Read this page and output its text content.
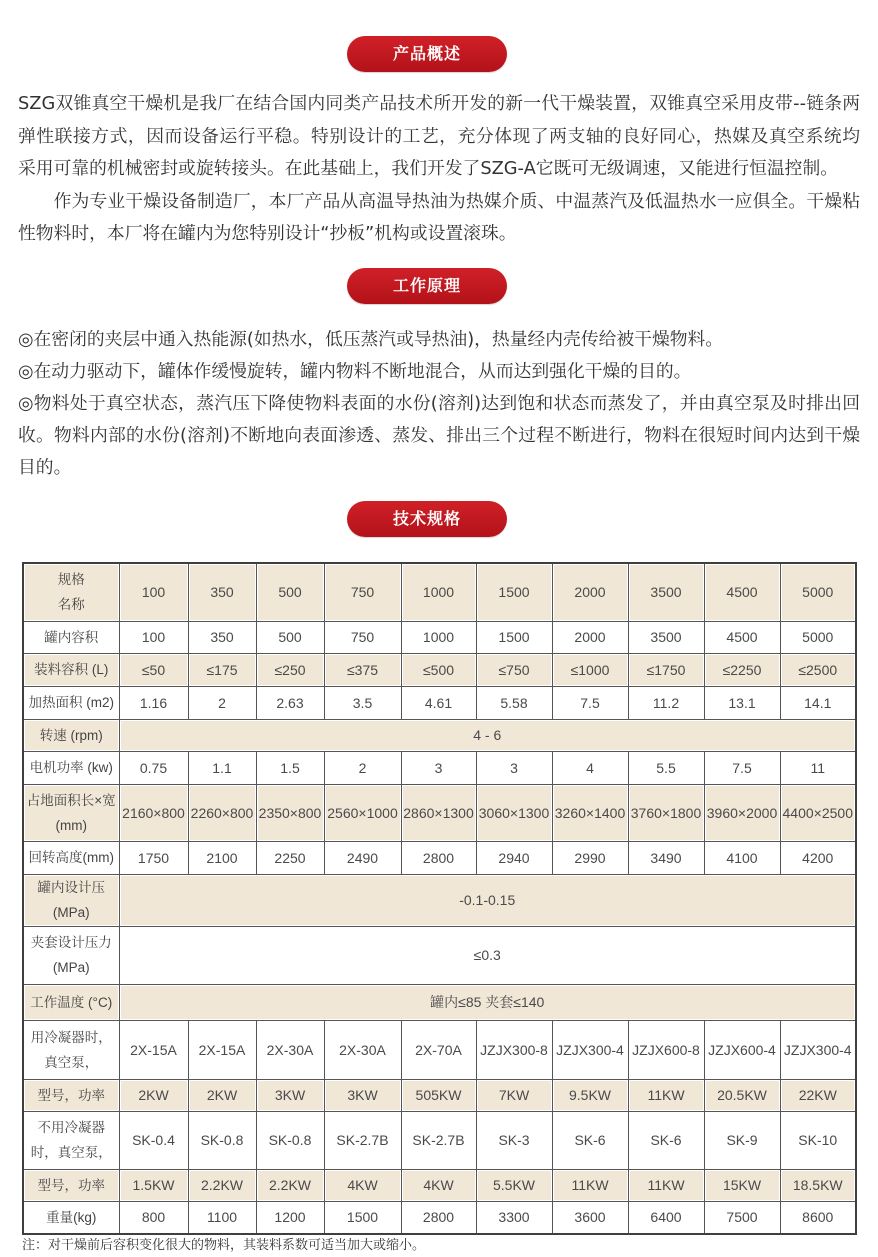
产品概述
SZG双锥真空干燥机是我厂在结合国内同类产品技术所开发的新一代干燥装置，双锥真空采用皮带--链条两
弹性联接方式，因而设备运行平稳。特别设计的工艺，充分体现了两支轴的良好同心，热媒及真空系统均
采用可靠的机械密封或旋转接头。在此基础上，我们开发了SZG-A它既可无级调速，又能进行恒温控制。
作为专业干燥设备制造厂，本厂产品从高温导热油为热媒介质、中温蒸汽及低温热水一应俱全。干燥粘
性物料时，本厂将在罐内为您特别设计“抄板”机构或设置滚珠。
工作原理
◎在密闭的夹层中通入热能源(如热水，低压蒸汽或导热油)，热量经内壳传给被干燥物料。
◎在动力驱动下，罐体作缓慢旋转，罐内物料不断地混合，从而达到强化干燥的目的。
◎物料处于真空状态，蒸汽压下降使物料表面的水份(溶剂)达到饱和状态而蒸发了，并由真空泵及时排出回
收。物料内部的水份(溶剂)不断地向表面渗透、蒸发、排出三个过程不断进行，物料在很短时间内达到干燥
目的。
技术规格
规格
名称	100	350	500	750	1000	1500	2000	3500	4500	5000

罐内容积	100	350	500	750	1000	1500	2000	3500	4500	5000

装料容积 (L)	≤50	≤175	≤250	≤375	≤500	≤750	≤1000	≤1750	≤2250	≤2500

加热面积 (m2)	1.16	2	2.63	3.5	4.61	5.58	7.5	11.2	13.1	14.1

转速 (rpm)	4 - 6									

电机功率 (kw)	0.75	1.1	1.5	2	3	3	4	5.5	7.5	11

占地面积长×宽
(mm)	2160×800	2260×800	2350×800	2560×1000	2860×1300	3060×1300	3260×1400	3760×1800	3960×2000	4400×2500

回转高度(mm)	1750	2100	2250	2490	2800	2940	2990	3490	4100	4200

罐内设计压
(MPa)	-0.1-0.15									

夹套设计压力
(MPa)	≤0.3									

工作温度 (°C)	罐内≤85 夹套≤140									

用冷凝器时，
真空泵，	2X-15A	2X-15A	2X-30A	2X-30A	2X-70A	JZJX300-8	JZJX300-4	JZJX600-8	JZJX600-4	JZJX300-4

型号，功率	2KW	2KW	3KW	3KW	505KW	7KW	9.5KW	11KW	20.5KW	22KW

不用冷凝器
时，真空泵，	SK-0.4	SK-0.8	SK-0.8	SK-2.7B	SK-2.7B	SK-3	SK-6	SK-6	SK-9	SK-10

型号，功率	1.5KW	2.2KW	2.2KW	4KW	4KW	5.5KW	11KW	11KW	15KW	18.5KW

重量(kg)	800	1100	1200	1500	2800	3300	3600	6400	7500	8600
注：对干燥前后容积变化很大的物料，其装料系数可适当加大或缩小。
